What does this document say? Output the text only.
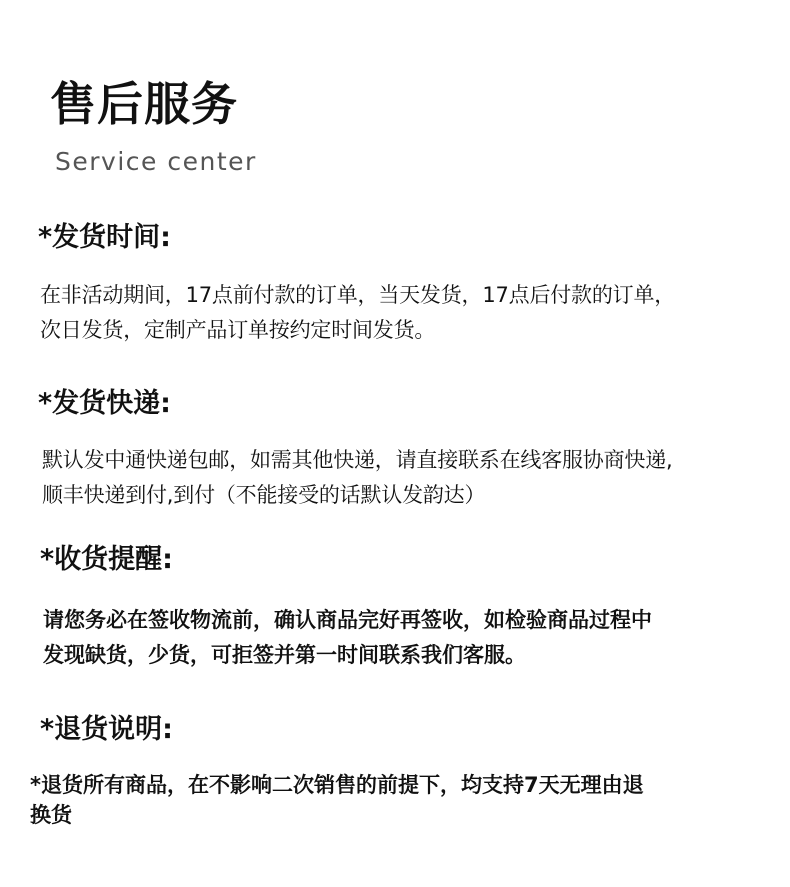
售后服务
Service center
*发货时间:
在非活动期间，17点前付款的订单，当天发货，17点后付款的订单，
次日发货，定制产品订单按约定时间发货。
*发货快递:
默认发中通快递包邮，如需其他快递，请直接联系在线客服协商快递,
顺丰快递到付,到付（不能接受的话默认发韵达）
*收货提醒:
请您务必在签收物流前，确认商品完好再签收，如检验商品过程中
发现缺货，少货，可拒签并第一时间联系我们客服。
*退货说明:
*退货所有商品，在不影响二次销售的前提下，均支持7天无理由退
换货
